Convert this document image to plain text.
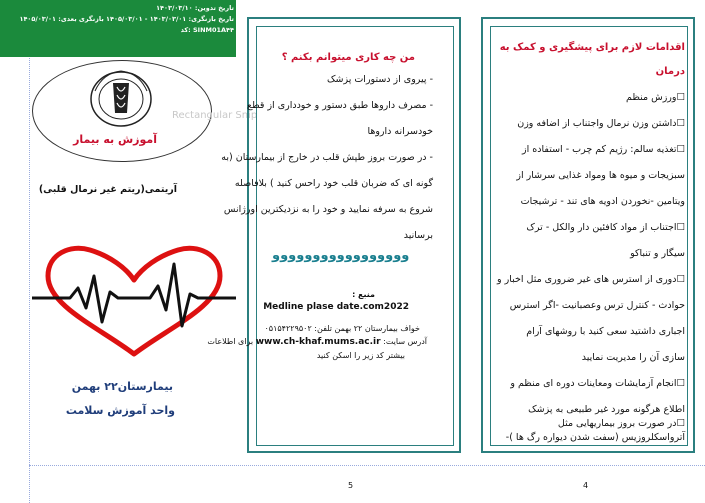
تاریخ تدوین: ۱۴۰۳/۰۳/۱۰
تاریخ بازنگری: ۱۴۰۳/۰۳/۰۱ - ۱۴۰۵/۰۳/۰۱ بازنگری بعدی: ۱۴۰۵/۰۳/۰۱
SINM01A۴۴ :کد
آموزش به بیمار
Rectangular Snip
آریتمی(ریتم غیر نرمال قلبی)
بیمارستان۲۲ بهمن
واحد آموزش سلامت
من چه کاری میتوانم بکنم ؟
- پیروی از دستورات پزشک
- مصرف داروها طبق دستور و خودداری از قطع
خودسرانه داروها
- در صورت بروز طپش قلب در خارج از بیمارستان (به
گونه ای که ضربان قلب خود راحس کنید ) بلافاصله
شروع به سرفه نمایید و خود را به نزدیکترین اورژانس
برسانید
ﻭﻭﻭﻭﻭﻭﻭﻭﻭﻭﻭﻭﻭﻭﻭﻭﻭ
منبع :
Medline plase date.com2022
خواف بیمارستان ۲۲ بهمن تلفن: ۰۵۱۵۴۲۲۹۵۰۲
آدرس سایت: www.ch-khaf.mums.ac.ir برای اطلاعات
بیشتر کد زیر را اسکن کنید
5
اقدامات لازم برای پیشگیری و کمک به
درمان
☐ورزش منظم
☐داشتن وزن نرمال واجتناب از اضافه وزن
☐تغذیه سالم: رژیم کم چرب - استفاده از
سبزیجات و میوه ها ومواد غذایی سرشار از
ویتامین -نخوردن ادویه های تند - ترشیجات
☐اجتناب از مواد کافئین دار والکل - ترک
سیگار و تنباکو
☐دوری از استرس های غیر ضروری مثل اخبار و
حوادث - کنترل ترس وعصبانیت -اگر استرس
اجباری داشتید سعی کنید با روشهای آرام
سازی آن را مدیریت نمایید
☐انجام آزمایشات ومعاینات دوره ای منظم و
اطلاع هرگونه مورد غیر طبیعی به پزشک
☐در صورت بروز بیماریهایی مثل
آترواسکلروزیس (سفت شدن دیواره رگ ها )-
4
